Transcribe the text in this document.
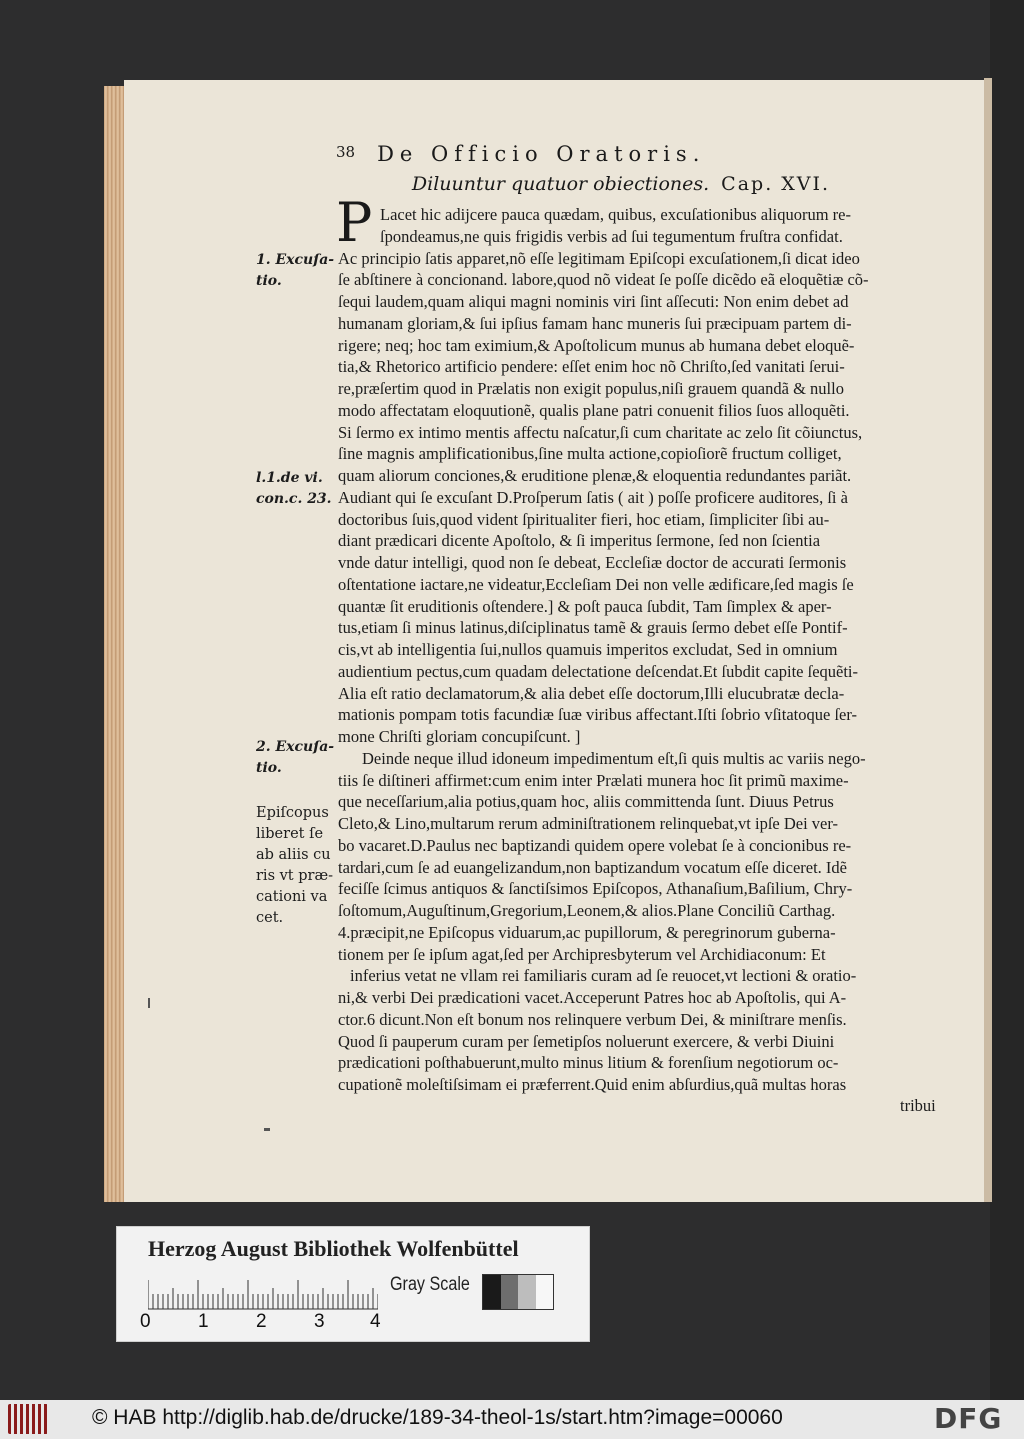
38 De Officio Oratoris.
Diluuntur quatuor obiectiones. Cap. XVI.
P Lacet hic adijcere pauca quædam, quibus, excuſationibus aliquorum re-
ſpondeamus,ne quis frigidis verbis ad ſui tegumentum fruſtra confidat.
Ac principio ſatis apparet,nõ eſſe legitimam Epiſcopi excuſationem,ſi dicat ideo
ſe abſtinere à concionand. labore,quod nõ videat ſe poſſe dicẽdo eã eloquẽtiæ cõ-
ſequi laudem,quam aliqui magni nominis viri ſint aſſecuti: Non enim debet ad
humanam gloriam,& ſui ipſius famam hanc muneris ſui præcipuam partem di-
rigere; neq; hoc tam eximium,& Apoſtolicum munus ab humana debet eloquẽ-
tia,& Rhetorico artificio pendere: eſſet enim hoc nõ Chriſto,ſed vanitati ſerui-
re,præſertim quod in Prælatis non exigit populus,niſi grauem quandã & nullo
modo affectatam eloquutionẽ, qualis plane patri conuenit filios ſuos alloquẽti.
Si ſermo ex intimo mentis affectu naſcatur,ſi cum charitate ac zelo ſit cõiunctus,
ſine magnis amplificationibus,ſine multa actione,copioſiorẽ fructum colliget,
quam aliorum conciones,& eruditione plenæ,& eloquentia redundantes pariãt.
Audiant qui ſe excuſant D.Proſperum ſatis ( ait ) poſſe proficere auditores, ſi à
doctoribus ſuis,quod vident ſpiritualiter fieri, hoc etiam, ſimpliciter ſibi au-
diant prædicari dicente Apoſtolo, & ſi imperitus ſermone, ſed non ſcientia
vnde datur intelligi, quod non ſe debeat, Eccleſiæ doctor de accurati ſermonis
oſtentatione iactare,ne videatur,Eccleſiam Dei non velle ædificare,ſed magis ſe
quantæ ſit eruditionis oſtendere.] & poſt pauca ſubdit, Tam ſimplex & aper-
tus,etiam ſi minus latinus,diſciplinatus tamẽ & grauis ſermo debet eſſe Pontif-
cis,vt ab intelligentia ſui,nullos quamuis imperitos excludat, Sed in omnium
audientium pectus,cum quadam delectatione deſcendat.Et ſubdit capite ſequẽti-
Alia eſt ratio declamatorum,& alia debet eſſe doctorum,Illi elucubratæ decla-
mationis pompam totis facundiæ ſuæ viribus affectant.Iſti ſobrio vſitatoque ſer-
mone Chriſti gloriam concupiſcunt. ]
Deinde neque illud idoneum impedimentum eſt,ſi quis multis ac variis nego-
tiis ſe diſtineri affirmet:cum enim inter Prælati munera hoc ſit primũ maxime-
que neceſſarium,alia potius,quam hoc, aliis committenda ſunt. Diuus Petrus
Cleto,& Lino,multarum rerum adminiſtrationem relinquebat,vt ipſe Dei ver-
bo vacaret.D.Paulus nec baptizandi quidem opere volebat ſe à concionibus re-
tardari,cum ſe ad euangelizandum,non baptizandum vocatum eſſe diceret. Idẽ
feciſſe ſcimus antiquos & ſanctiſsimos Epiſcopos, Athanaſium,Baſilium, Chry-
ſoſtomum,Auguſtinum,Gregorium,Leonem,& alios.Plane Conciliũ Carthag.
4.præcipit,ne Epiſcopus viduarum,ac pupillorum, & peregrinorum guberna-
tionem per ſe ipſum agat,ſed per Archipresbyterum vel Archidiaconum: Et
inferius vetat ne vllam rei familiaris curam ad ſe reuocet,vt lectioni & oratio-
ni,& verbi Dei prædicationi vacet.Acceperunt Patres hoc ab Apoſtolis, qui A-
ctor.6 dicunt.Non eſt bonum nos relinquere verbum Dei, & miniſtrare menſis.
Quod ſi pauperum curam per ſemetipſos noluerunt exercere, & verbi Diuini
prædicationi poſthabuerunt,multo minus litium & forenſium negotiorum oc-
cupationẽ moleſtiſsimam ei præferrent.Quid enim abſurdius,quã multas horas
1. Excuſa-
tio.
l.1.de vi.
con.c. 23.
2. Excuſa-
tio.
Epiſcopus
liberet ſe
ab aliis cu
ris vt præ-
cationi va
cet.
tribui
Herzog August Bibliothek Wolfenbüttel
0 1 2 3 4
Gray Scale
© HAB http://diglib.hab.de/drucke/189-34-theol-1s/start.htm?image=00060	DFG
